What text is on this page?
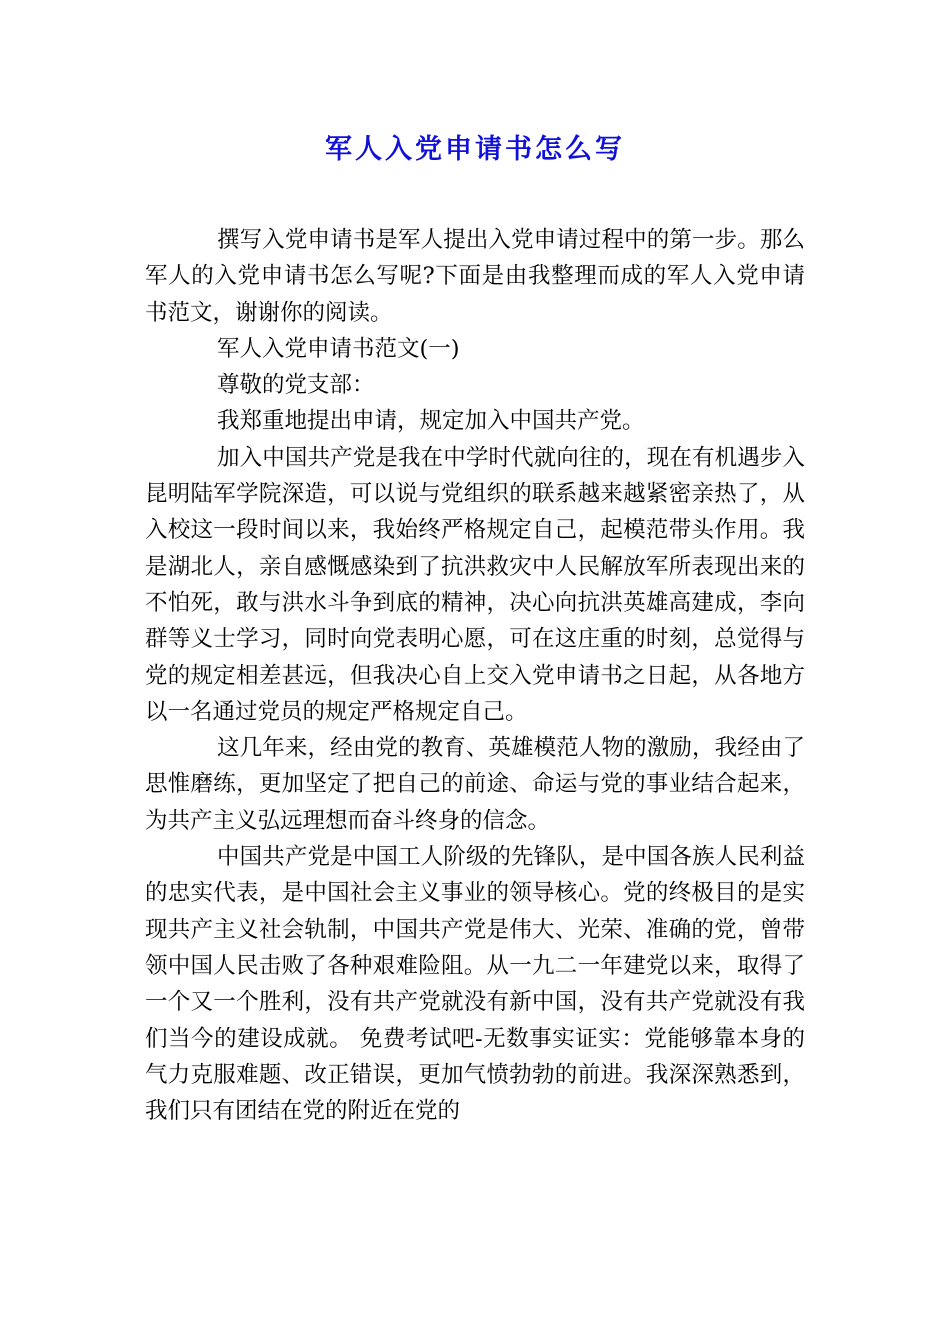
军人入党申请书怎么写

撰写入党申请书是军人提出入党申请过程中的第一步。那么军人的入党申请书怎么写呢?下面是由我整理而成的军人入党申请书范文，谢谢你的阅读。

军人入党申请书范文(一)

尊敬的党支部：

我郑重地提出申请，规定加入中国共产党。

加入中国共产党是我在中学时代就向往的，现在有机遇步入昆明陆军学院深造，可以说与党组织的联系越来越紧密亲热了，从入校这一段时间以来，我始终严格规定自己，起模范带头作用。我是湖北人，亲自感慨感染到了抗洪救灾中人民解放军所表现出来的不怕死，敢与洪水斗争到底的精神，决心向抗洪英雄高建成，李向群等义士学习，同时向党表明心愿，可在这庄重的时刻，总觉得与党的规定相差甚远，但我决心自上交入党申请书之日起，从各地方以一名通过党员的规定严格规定自己。

这几年来，经由党的教育、英雄模范人物的激励，我经由了思惟磨练，更加坚定了把自己的前途、命运与党的事业结合起来，为共产主义弘远理想而奋斗终身的信念。

中国共产党是中国工人阶级的先锋队，是中国各族人民利益的忠实代表，是中国社会主义事业的领导核心。党的终极目的是实现共产主义社会轨制，中国共产党是伟大、光荣、准确的党，曾带领中国人民击败了各种艰难险阻。从一九二一年建党以来，取得了一个又一个胜利，没有共产党就没有新中国，没有共产党就没有我们当今的建设成就。 免费考试吧-无数事实证实：党能够靠本身的气力克服难题、改正错误，更加气愤勃勃的前进。我深深熟悉到，我们只有团结在党的附近在党的
